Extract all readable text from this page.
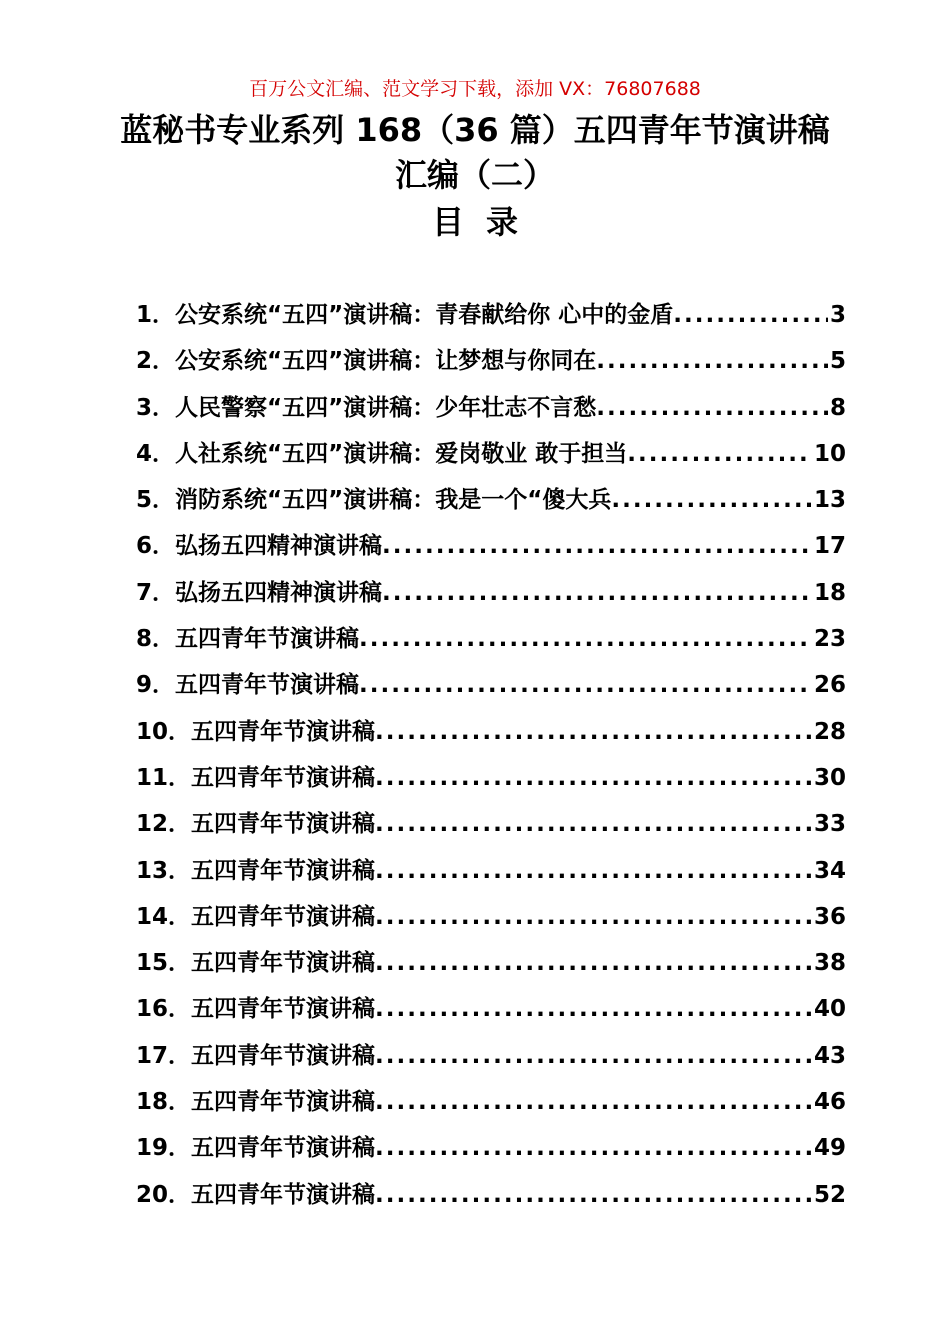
百万公文汇编、范文学习下载，添加 VX：76807688
蓝秘书专业系列 168（36 篇）五四青年节演讲稿
汇编（二）
目录
1．公安系统“五四”演讲稿：青春献给你 心中的金盾 .....	3
2．公安系统“五四”演讲稿：让梦想与你同在 .....	5
3．人民警察“五四”演讲稿：少年壮志不言愁 .....	8
4．人社系统“五四”演讲稿：爱岗敬业 敢于担当 .....	10
5．消防系统“五四”演讲稿：我是一个“傻大兵 .....	13
6．弘扬五四精神演讲稿 .....	17
7．弘扬五四精神演讲稿 .....	18
8．五四青年节演讲稿 .....	23
9．五四青年节演讲稿 .....	26
10．五四青年节演讲稿 .....	28
11．五四青年节演讲稿 .....	30
12．五四青年节演讲稿 .....	33
13．五四青年节演讲稿 .....	34
14．五四青年节演讲稿 .....	36
15．五四青年节演讲稿 .....	38
16．五四青年节演讲稿 .....	40
17．五四青年节演讲稿 .....	43
18．五四青年节演讲稿 .....	46
19．五四青年节演讲稿 .....	49
20．五四青年节演讲稿 .....	52
